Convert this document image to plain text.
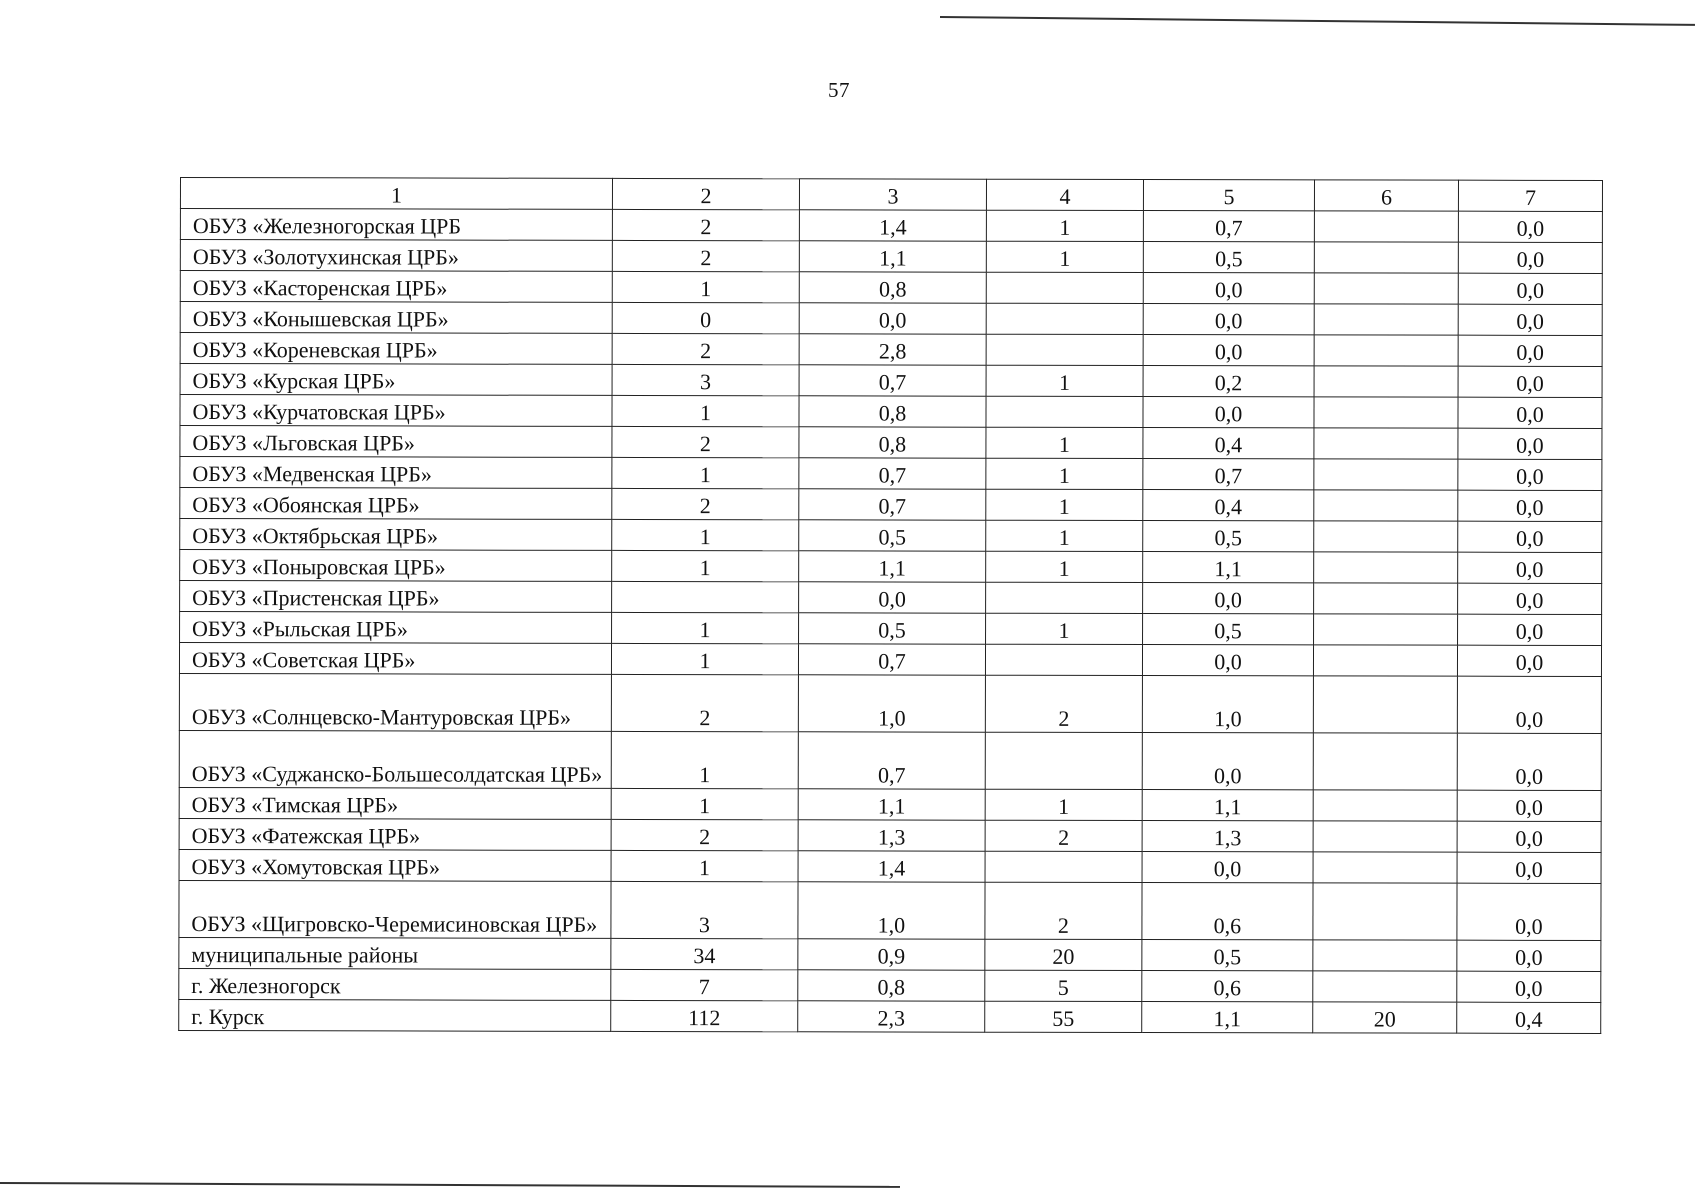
57
1	2	3	4	5	6	7
ОБУЗ «Железногорская ЦРБ	2	1,4	1	0,7		0,0
ОБУЗ «Золотухинская ЦРБ»	2	1,1	1	0,5		0,0
ОБУЗ «Касторенская ЦРБ»	1	0,8		0,0		0,0
ОБУЗ «Конышевская ЦРБ»	0	0,0		0,0		0,0
ОБУЗ «Кореневская ЦРБ»	2	2,8		0,0		0,0
ОБУЗ «Курская ЦРБ»	3	0,7	1	0,2		0,0
ОБУЗ «Курчатовская ЦРБ»	1	0,8		0,0		0,0
ОБУЗ «Льговская ЦРБ»	2	0,8	1	0,4		0,0
ОБУЗ «Медвенская ЦРБ»	1	0,7	1	0,7		0,0
ОБУЗ «Обоянская ЦРБ»	2	0,7	1	0,4		0,0
ОБУЗ «Октябрьская ЦРБ»	1	0,5	1	0,5		0,0
ОБУЗ «Поныровская ЦРБ»	1	1,1	1	1,1		0,0
ОБУЗ «Пристенская ЦРБ»		0,0		0,0		0,0
ОБУЗ «Рыльская ЦРБ»	1	0,5	1	0,5		0,0
ОБУЗ «Советская ЦРБ»	1	0,7		0,0		0,0
ОБУЗ «Солнцевско-Мантуровская ЦРБ»	2	1,0	2	1,0		0,0
ОБУЗ «Суджанско-Большесолдатская ЦРБ»	1	0,7		0,0		0,0
ОБУЗ «Тимская ЦРБ»	1	1,1	1	1,1		0,0
ОБУЗ «Фатежская ЦРБ»	2	1,3	2	1,3		0,0
ОБУЗ «Хомутовская ЦРБ»	1	1,4		0,0		0,0
ОБУЗ «Щигровско-Черемисиновская ЦРБ»	3	1,0	2	0,6		0,0
муниципальные районы	34	0,9	20	0,5		0,0
г. Железногорск	7	0,8	5	0,6		0,0
г. Курск	112	2,3	55	1,1	20	0,4
